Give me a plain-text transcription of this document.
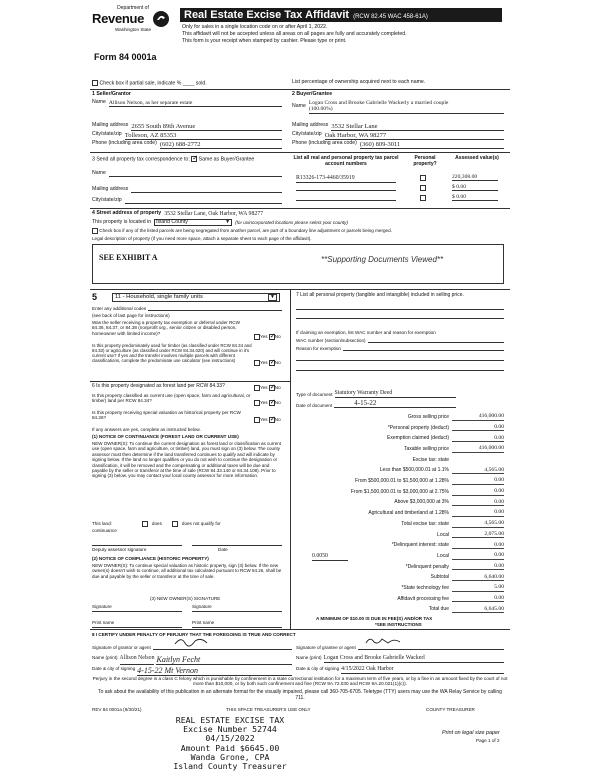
Department of
Revenue
Washington State
Form 84 0001a
Real Estate Excise Tax Affidavit (RCW 82.45 WAC 458-61A)
Only for sales in a single location code on or after April 1, 2022.
This affidavit will not be accepted unless all areas on all pages are fully and accurately completed.
This form is your receipt when stamped by cashier. Please type or print.
Check box if partial sale, indicate % ____ sold.	List percentage of ownership acquired next to each name.
1 Seller/Grantor
Name Allison Nelson, as her separate estate
Mailing address 2655 South 89th Avenue
City/state/zip Tolleson, AZ 85353
Phone (including area code) (602) 688-2772
2 Buyer/Grantee
Name Logan Cross and Brooke Gabrielle Wackerly a married couple
(100.00%)
Mailing address 3532 Stellar Lane
City/state/zip Oak Harbor, WA 98277
Phone (including area code) (360) 809-3011
3 Send all property tax correspondence to: ✓ Same as Buyer/Grantee
Name
Mailing address
City/state/zip
List all real and personal property tax parcel account numbers
Personal property?
Assessed value(s)
R13326-173-4460/35919	220,308.00
$ 0.00
$ 0.00
4 Street address of property 3532 Stellar Lane, Oak Harbor, WA 98277
This property is located in Island County	▼ (for unincorporated locations please select your county)
Check box if any of the listed parcels are being segregated from another parcel, are part of a boundary line adjustment or parcels being merged.
Legal description of property (if you need more space, attach a separate sheet to each page of the affidavit).
SEE EXHIBIT A	**Supporting Documents Viewed**
5	11 - Household, single family units	▼
Enter any additional codes
(see back of last page for instructions)
Was the seller receiving a property tax exemption or deferral under RCW 84.36, 84.37, or 84.38 (nonprofit org., senior citizen or disabled person, homeowner with limited income)?
Yes ✓ No
Is this property predominately used for timber (as classified under RCW 84.34 and 84.33) or agriculture (as classified under RCW 84.34.020) and will continue in it's current use? If yes and the transfer involves multiple parcels with different classifications, complete the predominate use calculator (see instructions)	Yes ✓ No
6 Is this property designated as forest land per RCW 84.33?	Yes ✓ No
Is this property classified as current use (open space, farm and agricultural, or timber) land per RCW 84.34?	Yes ✓ No
Is this property receiving special valuation as historical property per RCW 84.26?	Yes ✓ No
If any answers are yes, complete as instructed below.
(1) NOTICE OF CONTINUANCE (FOREST LAND OR CURRENT USE)
NEW OWNER(S): To continue the current designation as forest land or classification as current use (open space, farm and agriculture, or timber) land, you must sign on (3) below. The county assessor must then determine if the land transferred continues to qualify and will indicate by signing below. If the land no longer qualifies or you do not wish to continue the designation or classification, it will be removed and the compensating or additional taxes will be due and payable by the seller or transferor at the time of sale (RCW 84.33.140 or 84.34.108). Prior to signing (3) below, you may contact your local county assessor for more information.
This land:	does	does not qualify for
continuance
Deputy assessor signature	Date
(2) NOTICE OF COMPLIANCE (HISTORIC PROPERTY)
NEW OWNER(S): To continue special valuation as historic property, sign (3) below. If the new owner(s) doesn't wish to continue, all additional tax calculated pursuant to RCW 84.26, shall be due and payable by the seller or transferor at the time of sale.
(3) NEW OWNER(S) SIGNATURE
Signature	Signature
Print name	Print name
7 List all personal property (tangible and intangible) included in selling price.
If claiming an exemption, list WAC number and reason for exemption
WAC number (section/subsection)
Reason for exemption
Type of document Statutory Warranty Deed
Date of document	4-15-22
Gross selling price	416,000.00
*Personal property (deduct)	0.00
Exemption claimed (deduct)	0.00
Taxable selling price	416,000.00
Excise tax: state
Less than $500,000.01 at 1.1%	4,565.00
From $500,000.01 to $1,500,000 at 1.28%	0.00
From $1,500,000.01 to $3,000,000 at 2.75%	0.00
Above $3,000,000 at 3%	0.00
Agricultural and timberland at 1.28%	0.00
Total excise tax: state	4,565.00
Local	2,075.00
*Delinquent interest: state	0.00
Local	0.00
*Delinquent penalty	0.00
Subtotal	6,640.00
*State technology fee	5.00
Affidavit processing fee	0.00
Total due	6,645.00
0.0050
A MINIMUM OF $10.00 IS DUE IN FEE(S) AND/OR TAX
*SEE INSTRUCTIONS
8 I CERTIFY UNDER PENALTY OF PERJURY THAT THE FOREGOING IS TRUE AND CORRECT
Signature of grantor or agent
Name (print) Allison Nelson Kaitlyn Fecht
Date & city of signing 4-15-22 Mt Vernon
Signature of grantee or agent
Name (print) Logan Cross and Brooke Gabrielle Wackerl
Date & city of signing 4/15/2022 Oak Harbor
Perjury in the second degree is a class C felony which is punishable by confinement in a state correctional institution for a maximum term of five years, or by a fine in an amount fixed by the court of not more than $10,000, or by both such confinement and fine (RCW 9A.72.030 and RCW 9A.20.021(1)(c)).
To ask about the availability of this publication in an alternate format for the visually impaired, please call 360-705-6705. Teletype (TTY) users may use the WA Relay Service by calling 711.
REV 84 0001a (9/30/21)	THIS SPACE TREASURER'S USE ONLY	COUNTY TREASURER
REAL ESTATE EXCISE TAX
Excise Number 52744
04/15/2022
Amount Paid $6645.00
Wanda Grone, CPA
Island County Treasurer
Print on legal size paper
Page 1 of 2
